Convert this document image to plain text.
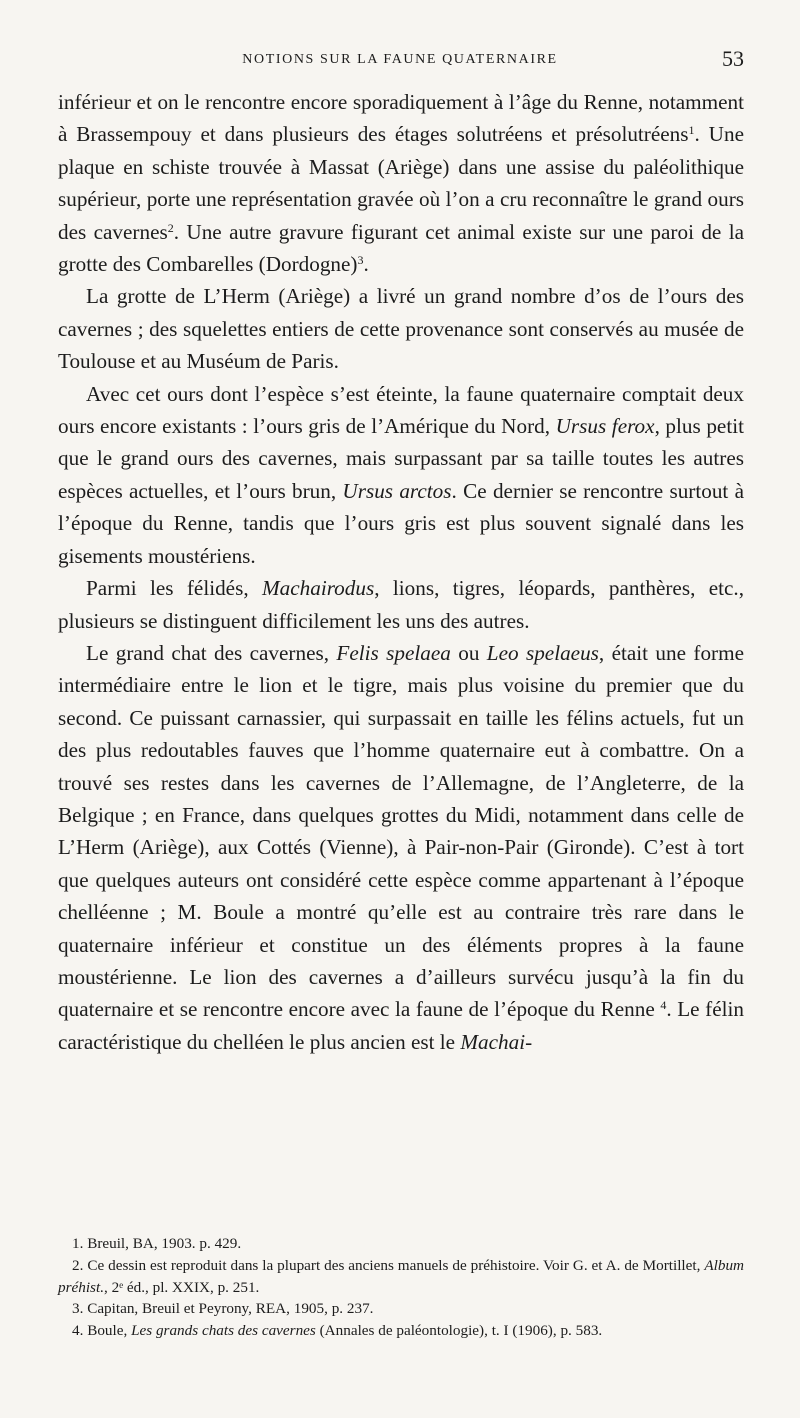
NOTIONS SUR LA FAUNE QUATERNAIRE	53

inférieur et on le rencontre encore sporadiquement à l’âge du Renne, notamment à Brassempouy et dans plusieurs des étages solutréens et présolutréens$^1$. Une plaque en schiste trouvée à Massat (Ariège) dans une assise du paléolithique supérieur, porte une représentation gravée où l’on a cru reconnaître le grand ours des cavernes$^2$. Une autre gravure figurant cet animal existe sur une paroi de la grotte des Combarelles (Dordogne)$^3$.

La grotte de L’Herm (Ariège) a livré un grand nombre d’os de l’ours des cavernes ; des squelettes entiers de cette provenance sont conservés au musée de Toulouse et au Muséum de Paris.

Avec cet ours dont l’espèce s’est éteinte, la faune quaternaire comptait deux ours encore existants : l’ours gris de l’Amérique du Nord, Ursus ferox, plus petit que le grand ours des cavernes, mais surpassant par sa taille toutes les autres espèces actuelles, et l’ours brun, Ursus arctos. Ce dernier se rencontre surtout à l’époque du Renne, tandis que l’ours gris est plus souvent signalé dans les gisements moustériens.

Parmi les félidés, Machairodus, lions, tigres, léopards, panthères, etc., plusieurs se distinguent difficilement les uns des autres.

Le grand chat des cavernes, Felis spelaea ou Leo spelaeus, était une forme intermédiaire entre le lion et le tigre, mais plus voisine du premier que du second. Ce puissant carnassier, qui surpassait en taille les félins actuels, fut un des plus redoutables fauves que l’homme quaternaire eut à combattre. On a trouvé ses restes dans les cavernes de l’Allemagne, de l’Angleterre, de la Belgique ; en France, dans quelques grottes du Midi, notamment dans celle de L’Herm (Ariège), aux Cottés (Vienne), à Pair-non-Pair (Gironde). C’est à tort que quelques auteurs ont considéré cette espèce comme appartenant à l’époque chelléenne ; M. Boule a montré qu’elle est au contraire très rare dans le quaternaire inférieur et constitue un des éléments propres à la faune moustérienne. Le lion des cavernes a d’ailleurs survécu jusqu’à la fin du quaternaire et se rencontre encore avec la faune de l’époque du Renne $^4$. Le félin caractéristique du chelléen le plus ancien est le Machai-

1. Breuil, BA, 1903. p. 429.

2. Ce dessin est reproduit dans la plupart des anciens manuels de préhistoire. Voir G. et A. de Mortillet, Album préhist., 2ᵉ éd., pl. XXIX, p. 251.

3. Capitan, Breuil et Peyrony, REA, 1905, p. 237.

4. Boule, Les grands chats des cavernes (Annales de paléontologie), t. I (1906), p. 583.
